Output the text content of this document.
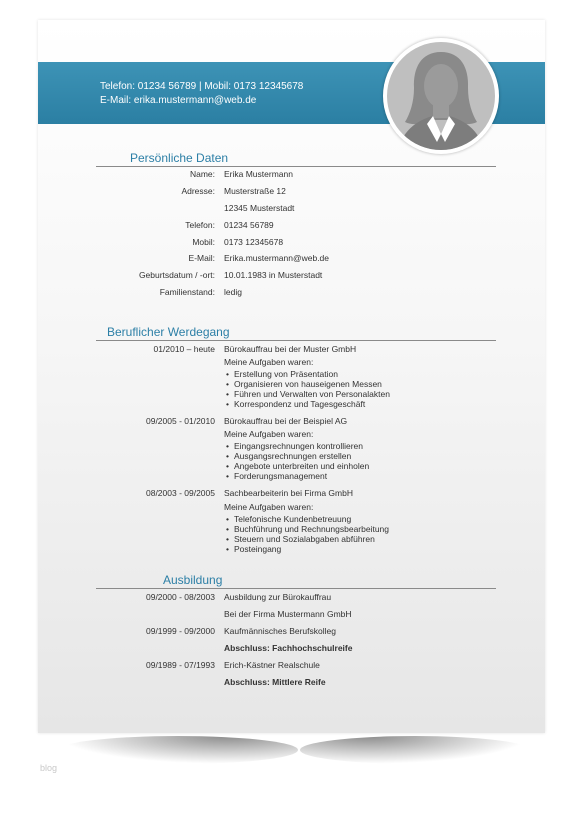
blog
Telefon: 01234 56789 | Mobil: 0173 12345678
E-Mail: erika.mustermann@web.de
Persönliche Daten
Name: Erika Mustermann
Adresse: Musterstraße 12
12345 Musterstadt
Telefon: 01234 56789
Mobil: 0173 12345678
E-Mail: Erika.mustermann@web.de
Geburtsdatum / -ort: 10.01.1983 in Musterstadt
Familienstand: ledig
Beruflicher Werdegang
01/2010 – heute Bürokauffrau bei der Muster GmbH
Meine Aufgaben waren:
• Erstellung von Präsentation
• Organisieren von hauseigenen Messen
• Führen und Verwalten von Personalakten
• Korrespondenz und Tagesgeschäft
09/2005 - 01/2010 Bürokauffrau bei der Beispiel AG
Meine Aufgaben waren:
• Eingangsrechnungen kontrollieren
• Ausgangsrechnungen erstellen
• Angebote unterbreiten und einholen
• Forderungsmanagement
08/2003 - 09/2005 Sachbearbeiterin bei Firma GmbH
Meine Aufgaben waren:
• Telefonische Kundenbetreuung
• Buchführung und Rechnungsbearbeitung
• Steuern und Sozialabgaben abführen
• Posteingang
Ausbildung
09/2000 - 08/2003 Ausbildung zur Bürokauffrau
Bei der Firma Mustermann GmbH
09/1999 - 09/2000 Kaufmännisches Berufskolleg
Abschluss: Fachhochschulreife
09/1989 - 07/1993 Erich-Kästner Realschule
Abschluss: Mittlere Reife
